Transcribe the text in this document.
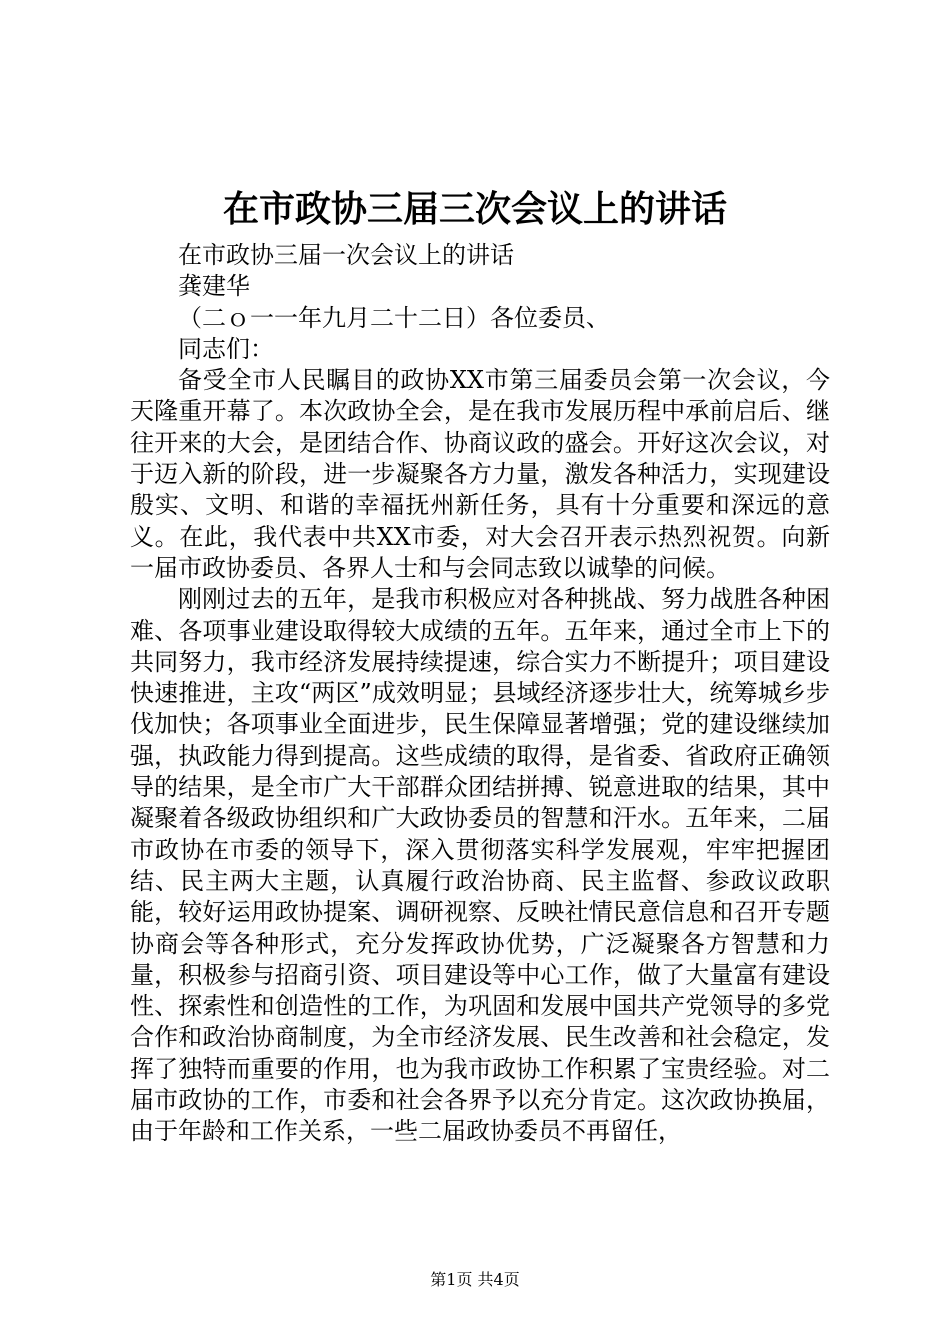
在市政协三届三次会议上的讲话

在市政协三届一次会议上的讲话

龚建华

（二ｏ一一年九月二十二日）各位委员、

同志们：

备受全市人民瞩目的政协XX市第三届委员会第一次会议，今天隆重开幕了。本次政协全会，是在我市发展历程中承前启后、继往开来的大会，是团结合作、协商议政的盛会。开好这次会议，对于迈入新的阶段，进一步凝聚各方力量，激发各种活力，实现建设殷实、文明、和谐的幸福抚州新任务，具有十分重要和深远的意义。在此，我代表中共XX市委，对大会召开表示热烈祝贺。向新一届市政协委员、各界人士和与会同志致以诚挚的问候。

刚刚过去的五年，是我市积极应对各种挑战、努力战胜各种困难、各项事业建设取得较大成绩的五年。五年来，通过全市上下的共同努力，我市经济发展持续提速，综合实力不断提升；项目建设快速推进，主攻“两区”成效明显；县域经济逐步壮大，统筹城乡步伐加快；各项事业全面进步，民生保障显著增强；党的建设继续加强，执政能力得到提高。这些成绩的取得，是省委、省政府正确领导的结果，是全市广大干部群众团结拼搏、锐意进取的结果，其中凝聚着各级政协组织和广大政协委员的智慧和汗水。五年来，二届市政协在市委的领导下，深入贯彻落实科学发展观，牢牢把握团结、民主两大主题，认真履行政治协商、民主监督、参政议政职能，较好运用政协提案、调研视察、反映社情民意信息和召开专题协商会等各种形式，充分发挥政协优势，广泛凝聚各方智慧和力量，积极参与招商引资、项目建设等中心工作，做了大量富有建设性、探索性和创造性的工作，为巩固和发展中国共产党领导的多党合作和政治协商制度，为全市经济发展、民生改善和社会稳定，发挥了独特而重要的作用，也为我市政协工作积累了宝贵经验。对二届市政协的工作，市委和社会各界予以充分肯定。这次政协换届，由于年龄和工作关系，一些二届政协委员不再留任，

第1页 共4页
